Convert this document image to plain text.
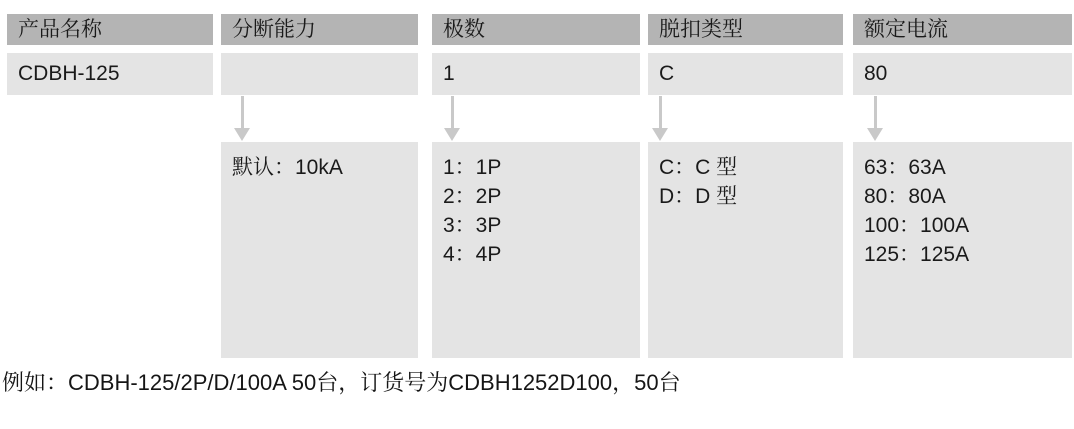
产品名称
CDBH-125
分断能力
默认：10kA
极数
1
1：1P
2：2P
3：3P
4：4P
脱扣类型
C
C：C 型
D：D 型
额定电流
80
63：63A
80：80A
100：100A
125：125A
例如：CDBH-125/2P/D/100A 50台，订货号为CDBH1252D100，50台
